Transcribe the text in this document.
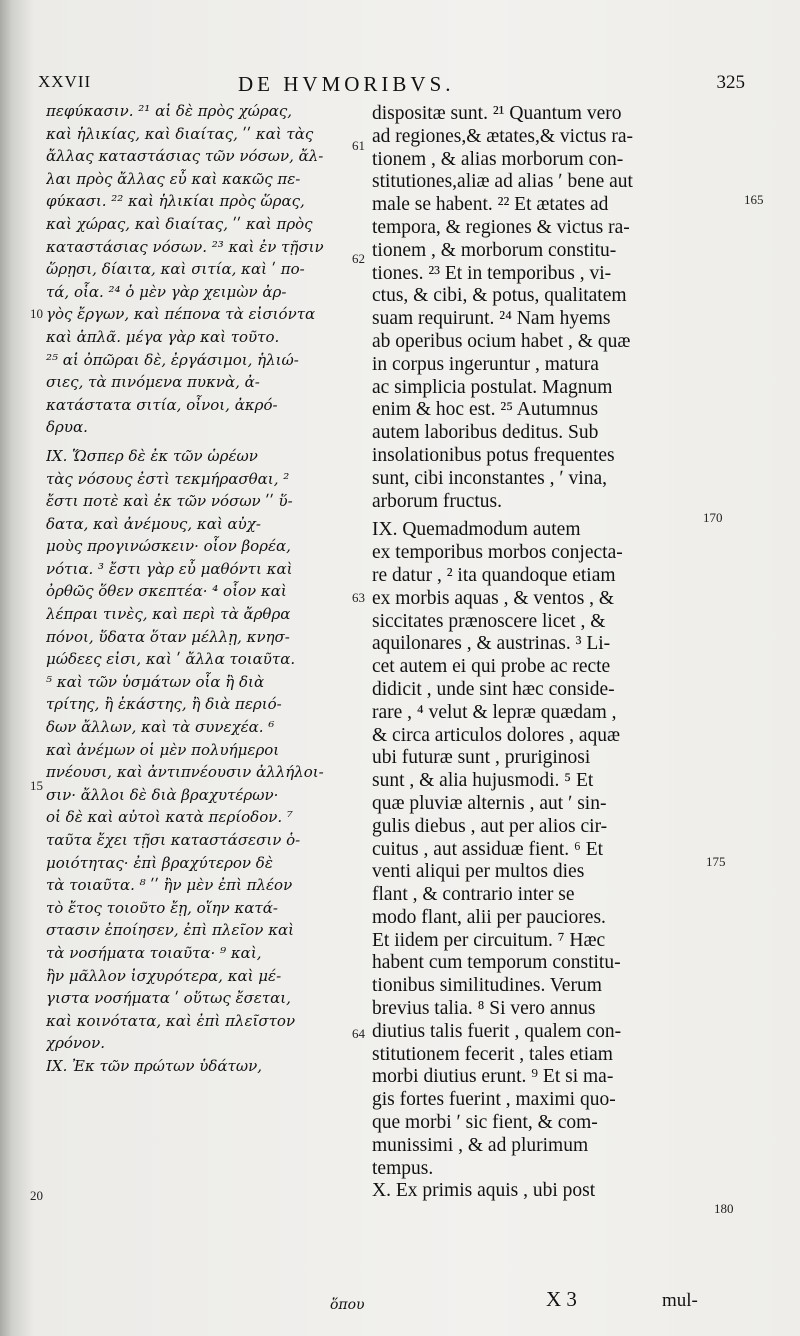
XXVII	DE HVMORIBVS.	325
πεφύκασιν. ²¹ αἱ δὲ πρὸς χώρας,
καὶ ἡλικίας, καὶ διαίτας, ʹʹ καὶ τὰς
ἄλλας καταστάσιας τῶν νόσων, ἄλ-
λαι πρὸς ἄλλας εὖ καὶ κακῶς πε-
φύκασι. ²² καὶ ἡλικίαι πρὸς ὥρας,
καὶ χώρας, καὶ διαίτας, ʹʹ καὶ πρὸς
καταστάσιας νόσων. ²³ καὶ ἐν τῇσιν
ὥρῃσι, δίαιτα, καὶ σιτία, καὶ ʹ πο-
τά, οἷα. ²⁴ ὁ μὲν γὰρ χειμὼν ἀρ-
γὸς ἔργων, καὶ πέπονα τὰ εἰσιόντα
καὶ ἁπλᾶ. μέγα γὰρ καὶ τοῦτο.
²⁵ αἱ ὀπῶραι δὲ, ἐργάσιμοι, ἡλιώ-
σιες, τὰ πινόμενα πυκνὰ, ἀ-
κατάστατα σιτία, οἶνοι, ἀκρό-
δρυα.
IX. Ὥσπερ δὲ ἐκ τῶν ὡρέων
τὰς νόσους ἐστὶ τεκμήρασθαι, ²
ἔστι ποτὲ καὶ ἐκ τῶν νόσων ʹʹ ὕ-
δατα, καὶ ἀνέμους, καὶ αὐχ-
μοὺς προγινώσκειν· οἷον βορέα,
νότια. ³ ἔστι γὰρ εὖ μαθόντι καὶ
ὀρθῶς ὅθεν σκεπτέα· ⁴ οἷον καὶ
λέπραι τινὲς, καὶ περὶ τὰ ἄρθρα
πόνοι, ὕδατα ὅταν μέλλῃ, κνησ-
μώδεες εἰσι, καὶ ʹ ἄλλα τοιαῦτα.
⁵ καὶ τῶν ὑσμάτων οἷα ἢ διὰ
τρίτης, ἢ ἑκάστης, ἢ διὰ περιό-
δων ἄλλων, καὶ τὰ συνεχέα. ⁶
καὶ ἀνέμων οἱ μὲν πολυήμεροι
πνέουσι, καὶ ἀντιπνέουσιν ἀλλήλοι-
σιν· ἄλλοι δὲ διὰ βραχυτέρων·
οἱ δὲ καὶ αὐτοὶ κατὰ περίοδον. ⁷
ταῦτα ἔχει τῇσι καταστάσεσιν ὁ-
μοιότητας· ἐπὶ βραχύτερον δὲ
τὰ τοιαῦτα. ⁸ ʹʹ ἢν μὲν ἐπὶ πλέον
τὸ ἔτος τοιοῦτο ἔῃ, οἵην κατά-
στασιν ἐποίησεν, ἐπὶ πλεῖον καὶ
τὰ νοσήματα τοιαῦτα· ⁹ καὶ,
ἢν μᾶλλον ἰσχυρότερα, καὶ μέ-
γιστα νοσήματα ʹ οὕτως ἔσεται,
καὶ κοινότατα, καὶ ἐπὶ πλεῖστον
χρόνον.
IX. Ἐκ τῶν πρώτων ὑδάτων,
ὅπου
dispositæ sunt. ²¹ Quantum vero
ad regiones,& ætates,& victus ra-
tionem , & alias morborum con-
stitutiones,aliæ ad alias ʹ bene aut
male se habent. ²² Et ætates ad
tempora, & regiones & victus ra-
tionem , & morborum constitu-
tiones. ²³ Et in temporibus , vi-
ctus, & cibi, & potus, qualitatem
suam requirunt. ²⁴ Nam hyems
ab operibus ocium habet , & quæ
in corpus ingeruntur , matura
ac simplicia postulat. Magnum
enim & hoc est. ²⁵ Autumnus
autem laboribus deditus. Sub
insolationibus potus frequentes
sunt, cibi inconstantes , ʹ vina,
arborum fructus.
IX. Quemadmodum autem
ex temporibus morbos conjecta-
re datur , ² ita quandoque etiam
ex morbis aquas , & ventos , &
siccitates prænoscere licet , &
aquilonares , & austrinas. ³ Li-
cet autem ei qui probe ac recte
didicit , unde sint hæc conside-
rare , ⁴ velut & lepræ quædam ,
& circa articulos dolores , aquæ
ubi futuræ sunt , pruriginosi
sunt , & alia hujusmodi. ⁵ Et
quæ pluviæ alternis , aut ʹ sin-
gulis diebus , aut per alios cir-
cuitus , aut assiduæ fient. ⁶ Et
venti aliqui per multos dies
flant , & contrario inter se
modo flant, alii per pauciores.
Et iidem per circuitum. ⁷ Hæc
habent cum temporum constitu-
tionibus similitudines. Verum
brevius talia. ⁸ Si vero annus
diutius talis fuerit , qualem con-
stitutionem fecerit , tales etiam
morbi diutius erunt. ⁹ Et si ma-
gis fortes fuerint , maximi quo-
que morbi ʹ sic fient, & com-
munissimi , & ad plurimum
tempus.
X. Ex primis aquis , ubi post
61
62
63
64
10
15
20
165
170
175
180
X 3	mul-
